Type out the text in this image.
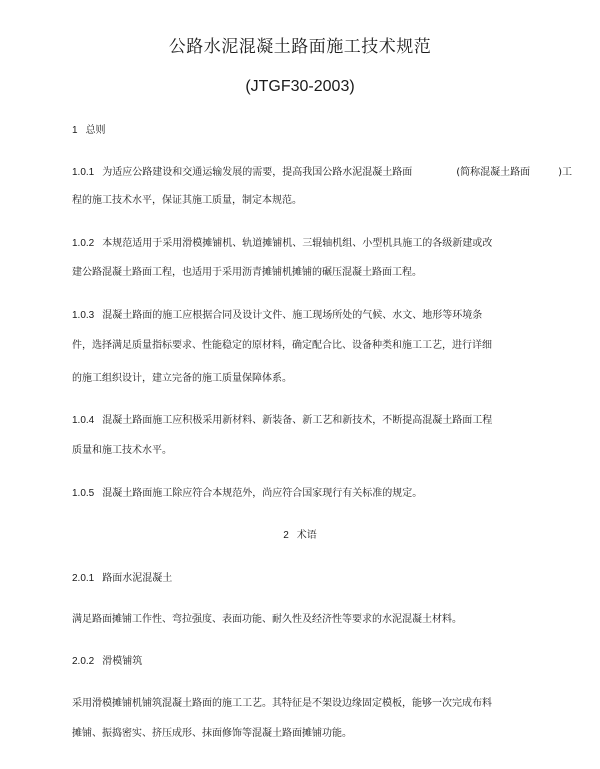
公路水泥混凝土路面施工技术规范
(JTGF30-2003)
1 总则
1.0.1 为适应公路建设和交通运输发展的需要，提高我国公路水泥混凝土路面	(简称混凝土路面	)工
程的施工技术水平，保证其施工质量，制定本规范。
1.0.2 本规范适用于采用滑模摊铺机、轨道摊铺机、三辊轴机组、小型机具施工的各级新建或改
建公路混凝土路面工程，也适用于采用沥青摊铺机摊铺的碾压混凝土路面工程。
1.0.3 混凝土路面的施工应根据合同及设计文件、施工现场所处的气候、水文、地形等环境条
件，选择满足质量指标要求、性能稳定的原材料，确定配合比、设备种类和施工工艺，进行详细
的施工组织设计，建立完备的施工质量保障体系。
1.0.4 混凝土路面施工应积极采用新材料、新装备、新工艺和新技术，不断提高混凝土路面工程
质量和施工技术水平。
1.0.5 混凝土路面施工除应符合本规范外，尚应符合国家现行有关标准的规定。
2 术语
2.0.1 路面水泥混凝土
满足路面摊铺工作性、弯拉强度、表面功能、耐久性及经济性等要求的水泥混凝土材料。
2.0.2 滑模铺筑
采用滑模摊铺机铺筑混凝土路面的施工工艺。其特征是不架设边缘固定模板，能够一次完成布料
摊铺、振捣密实、挤压成形、抹面修饰等混凝土路面摊铺功能。
